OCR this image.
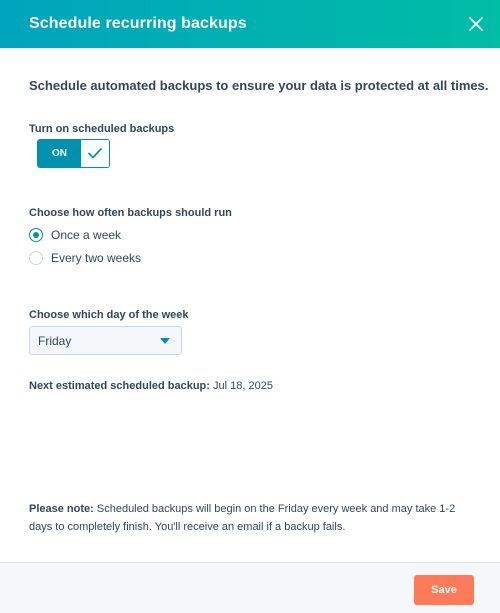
Schedule recurring backups
Schedule automated backups to ensure your data is protected at all times.
Turn on scheduled backups
ON
Choose how often backups should run
Once a week
Every two weeks
Choose which day of the week
Friday
Next estimated scheduled backup: Jul 18, 2025
Please note: Scheduled backups will begin on the Friday every week and may take 1-2 days to completely finish. You'll receive an email if a backup fails.
Save
